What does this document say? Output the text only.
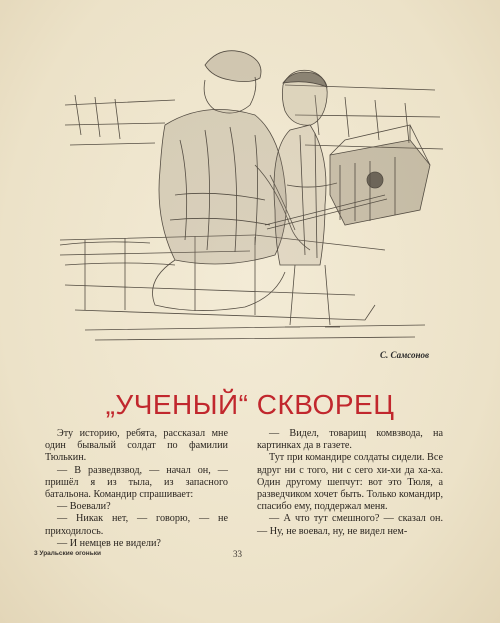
С. Самсонов
„УЧЕНЫЙ“ СКВОРЕЦ

Эту историю, ребята, рассказал мне один бывалый солдат по фамилии Тюлькин.

— В разведвзвод, — начал он, — пришёл я из тыла, из запасного батальона. Командир спрашивает:

— Воевали?

— Никак нет, — говорю, — не приходилось.

— И немцев не видели?

— Видел, товарищ комвзвода, на картинках да в газете.

Тут при командире солдаты сидели. Все вдруг ни с того, ни с сего хи-хи да ха-ха. Один другому шепчут: вот это Тюля, а разведчиком хочет быть. Только командир, спасибо ему, поддержал меня.

— А что тут смешного? — сказал он. — Ну, не воевал, ну, не видел нем-

3 Уральские огоньки	33
